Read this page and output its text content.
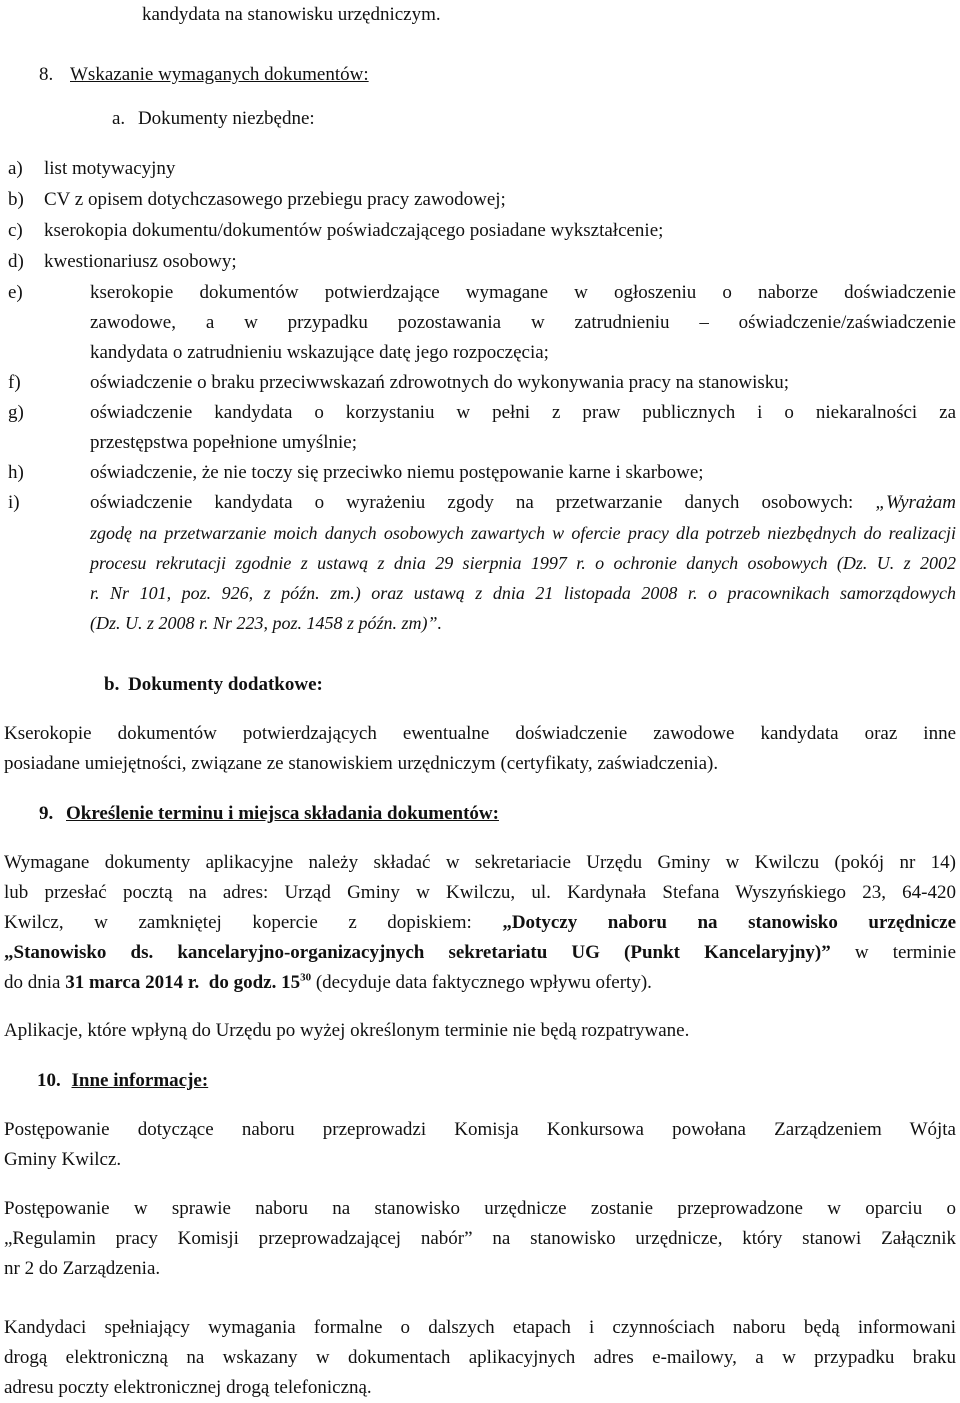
kandydata na stanowisku urzędniczym.
8. Wskazanie wymaganych dokumentów:
a. Dokumenty niezbędne:
a) list motywacyjny
b) CV z opisem dotychczasowego przebiegu pracy zawodowej;
c) kserokopia dokumentu/dokumentów poświadczającego posiadane wykształcenie;
d) kwestionariusz osobowy;
e)	kserokopie dokumentów potwierdzające wymagane w ogłoszeniu o naborze doświadczenie
zawodowe, a w przypadku pozostawania w zatrudnieniu – oświadczenie/zaświadczenie
kandydata o zatrudnieniu wskazujące datę jego rozpoczęcia;
f)	oświadczenie o braku przeciwwskazań zdrowotnych do wykonywania pracy na stanowisku;
g)	oświadczenie kandydata o korzystaniu w pełni z praw publicznych i o niekaralności za
przestępstwa popełnione umyślnie;
h)	oświadczenie, że nie toczy się przeciwko niemu postępowanie karne i skarbowe;
i)	oświadczenie kandydata o wyrażeniu zgody na przetwarzanie danych osobowych: „Wyrażam
zgodę na przetwarzanie moich danych osobowych zawartych w ofercie pracy dla potrzeb niezbędnych do realizacji
procesu rekrutacji zgodnie z ustawą z dnia 29 sierpnia 1997 r. o ochronie danych osobowych (Dz. U. z 2002
r. Nr 101, poz. 926, z późn. zm.) oraz ustawą z dnia 21 listopada 2008 r. o pracownikach samorządowych
(Dz. U. z 2008 r. Nr 223, poz. 1458 z późn. zm)”.
b. Dokumenty dodatkowe:
Kserokopie dokumentów potwierdzających ewentualne doświadczenie zawodowe kandydata oraz inne
posiadane umiejętności, związane ze stanowiskiem urzędniczym (certyfikaty, zaświadczenia).
9. Określenie terminu i miejsca składania dokumentów:
Wymagane dokumenty aplikacyjne należy składać w sekretariacie Urzędu Gminy w Kwilczu (pokój nr 14)
lub przesłać pocztą na adres: Urząd Gminy w Kwilczu, ul. Kardynała Stefana Wyszyńskiego 23, 64-420
Kwilcz, w zamkniętej kopercie z dopiskiem: „Dotyczy naboru na stanowisko urzędnicze
„Stanowisko ds. kancelaryjno-organizacyjnych sekretariatu UG (Punkt Kancelaryjny)” w terminie
do dnia 31 marca 2014 r. do godz. $15^{30}$ (decyduje data faktycznego wpływu oferty).
Aplikacje, które wpłyną do Urzędu po wyżej określonym terminie nie będą rozpatrywane.
10. Inne informacje:
Postępowanie dotyczące naboru przeprowadzi Komisja Konkursowa powołana Zarządzeniem Wójta
Gminy Kwilcz.
Postępowanie w sprawie naboru na stanowisko urzędnicze zostanie przeprowadzone w oparciu o
„Regulamin pracy Komisji przeprowadzającej nabór” na stanowisko urzędnicze, który stanowi Załącznik
nr 2 do Zarządzenia.
Kandydaci spełniający wymagania formalne o dalszych etapach i czynnościach naboru będą informowani
drogą elektroniczną na wskazany w dokumentach aplikacyjnych adres e-mailowy, a w przypadku braku
adresu poczty elektronicznej drogą telefoniczną.
